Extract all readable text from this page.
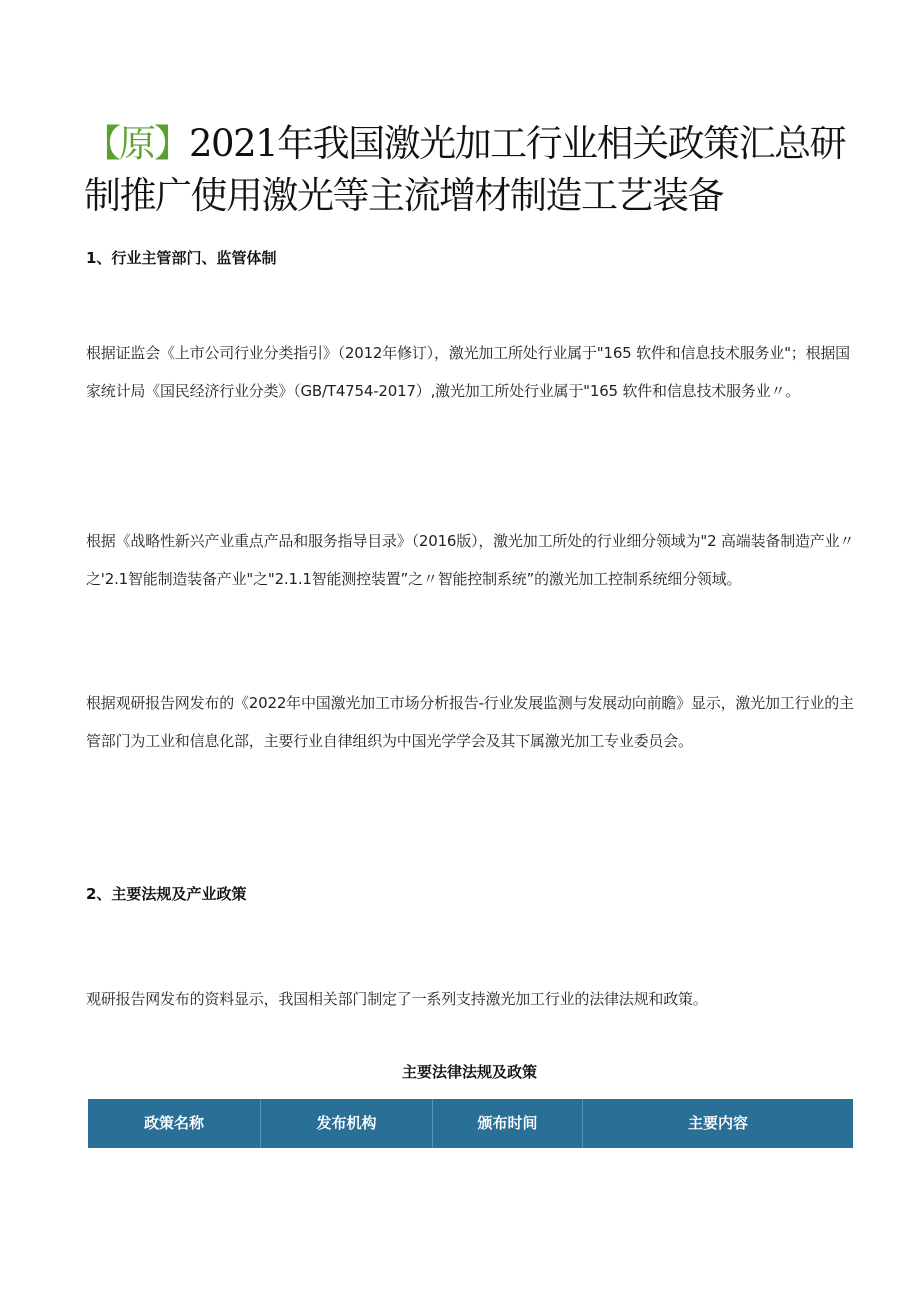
【原】2021年我国激光加工行业相关政策汇总研制推广使用激光等主流增材制造工艺装备
1、行业主管部门、监管体制

根据证监会《上市公司行业分类指引》（2012年修订），激光加工所处行业属于"165 软件和信息技术服务业"；根据国家统计局《国民经济行业分类》（GB/T4754-2017）,激光加工所处行业属于"165 软件和信息技术服务业〃。

根据《战略性新兴产业重点产品和服务指导目录》（2016版），激光加工所处的行业细分领域为"2 高端装备制造产业〃之'2.1智能制造装备产业"之"2.1.1智能测控装置”之〃智能控制系统”的激光加工控制系统细分领域。

根据观研报告网发布的《2022年中国激光加工市场分析报告-行业发展监测与发展动向前瞻》显示，激光加工行业的主管部门为工业和信息化部，主要行业自律组织为中国光学学会及其下属激光加工专业委员会。

2、主要法规及产业政策

观研报告网发布的资料显示，我国相关部门制定了一系列支持激光加工行业的法律法规和政策。

主要法律法规及政策
政策名称	发布机构	颁布时间	主要内容
